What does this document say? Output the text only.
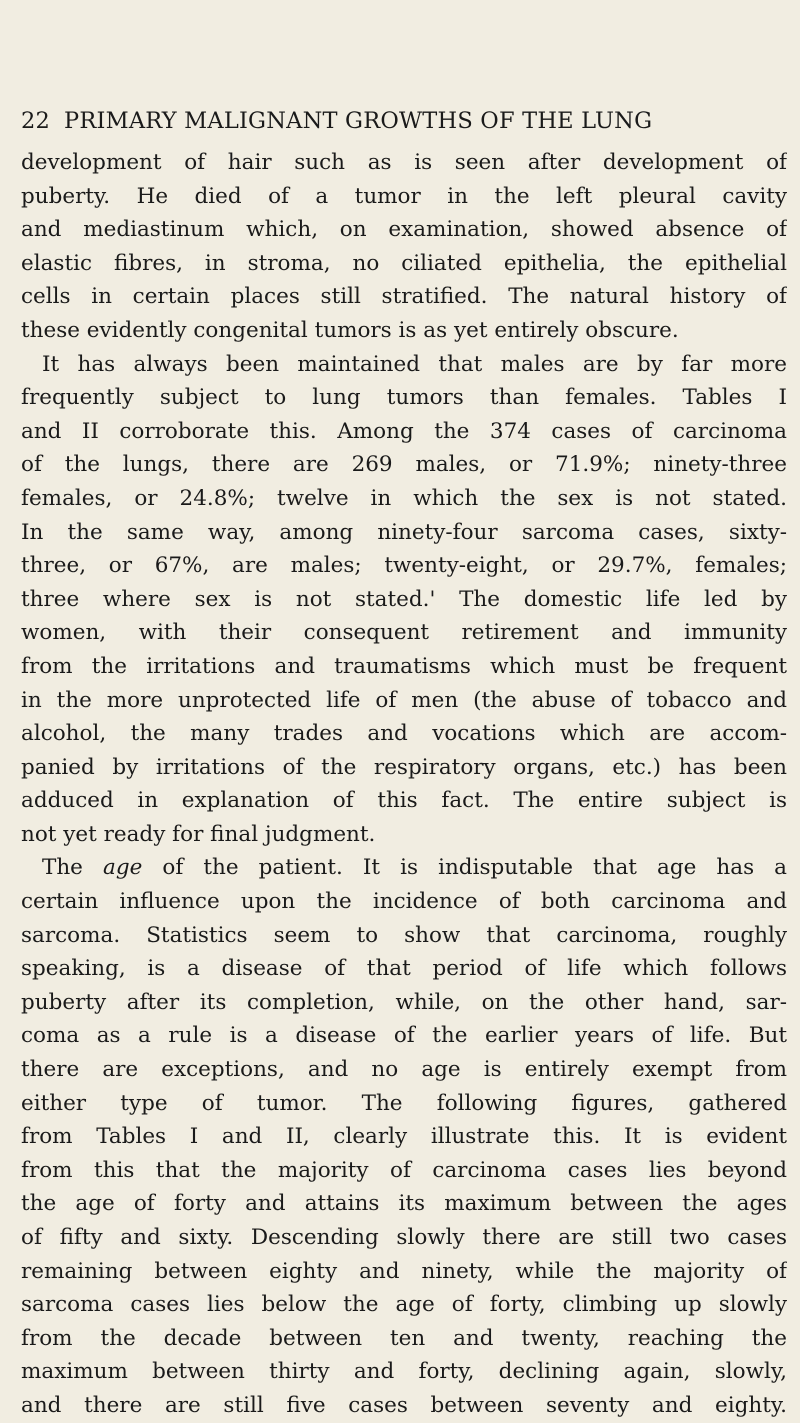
22 PRIMARY MALIGNANT GROWTHS OF THE LUNG
development of hair such as is seen after development of
puberty. He died of a tumor in the left pleural cavity
and mediastinum which, on examination, showed absence of
elastic fibres, in stroma, no ciliated epithelia, the epithelial
cells in certain places still stratified. The natural history of
these evidently congenital tumors is as yet entirely obscure.
It has always been maintained that males are by far more
frequently subject to lung tumors than females. Tables I
and II corroborate this. Among the 374 cases of carcinoma
of the lungs, there are 269 males, or 71.9%; ninety-three
females, or 24.8%; twelve in which the sex is not stated.
In the same way, among ninety-four sarcoma cases, sixty-
three, or 67%, are males; twenty-eight, or 29.7%, females;
three where sex is not stated.' The domestic life led by
women, with their consequent retirement and immunity
from the irritations and traumatisms which must be frequent
in the more unprotected life of men (the abuse of tobacco and
alcohol, the many trades and vocations which are accom-
panied by irritations of the respiratory organs, etc.) has been
adduced in explanation of this fact. The entire subject is
not yet ready for final judgment.
The age of the patient. It is indisputable that age has a
certain influence upon the incidence of both carcinoma and
sarcoma. Statistics seem to show that carcinoma, roughly
speaking, is a disease of that period of life which follows
puberty after its completion, while, on the other hand, sar-
coma as a rule is a disease of the earlier years of life. But
there are exceptions, and no age is entirely exempt from
either type of tumor. The following figures, gathered
from Tables I and II, clearly illustrate this. It is evident
from this that the majority of carcinoma cases lies beyond
the age of forty and attains its maximum between the ages
of fifty and sixty. Descending slowly there are still two cases
remaining between eighty and ninety, while the majority of
sarcoma cases lies below the age of forty, climbing up slowly
from the decade between ten and twenty, reaching the
maximum between thirty and forty, declining again, slowly,
and there are still five cases between seventy and eighty.
